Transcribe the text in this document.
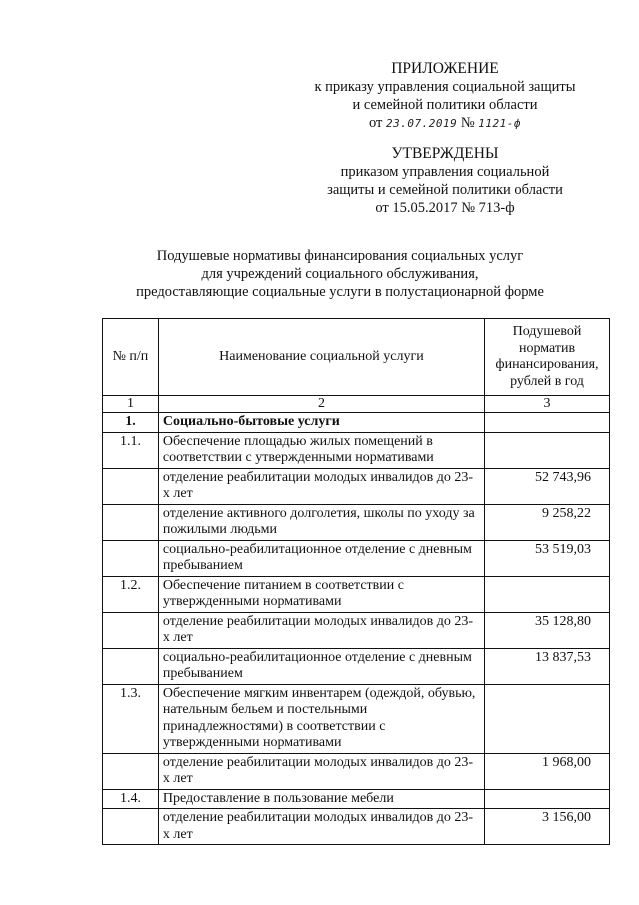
ПРИЛОЖЕНИЕ
к приказу управления социальной защиты
и семейной политики области
от 23.07.2019 № 1121-ф
УТВЕРЖДЕНЫ
приказом управления социальной
защиты и семейной политики области
от 15.05.2017 № 713-ф
Подушевые нормативы финансирования социальных услуг
для учреждений социального обслуживания,
предоставляющие социальные услуги в полустационарной форме
№ п/п	Наименование социальной услуги	Подушевой норматив финансирования, рублей в год
1	2	3
1.	Социально-бытовые услуги	
1.1.	Обеспечение площадью жилых помещений в соответствии с утвержденными нормативами	
	отделение реабилитации молодых инвалидов до 23-х лет	52 743,96
	отделение активного долголетия, школы по уходу за пожилыми людьми	9 258,22
	социально-реабилитационное отделение с дневным пребыванием	53 519,03
1.2.	Обеспечение питанием в соответствии с утвержденными нормативами	
	отделение реабилитации молодых инвалидов до 23-х лет	35 128,80
	социально-реабилитационное отделение с дневным пребыванием	13 837,53
1.3.	Обеспечение мягким инвентарем (одеждой, обувью, нательным бельем и постельными принадлежностями) в соответствии с утвержденными нормативами	
	отделение реабилитации молодых инвалидов до 23-х лет	1 968,00
1.4.	Предоставление в пользование мебели	
	отделение реабилитации молодых инвалидов до 23-х лет	3 156,00
